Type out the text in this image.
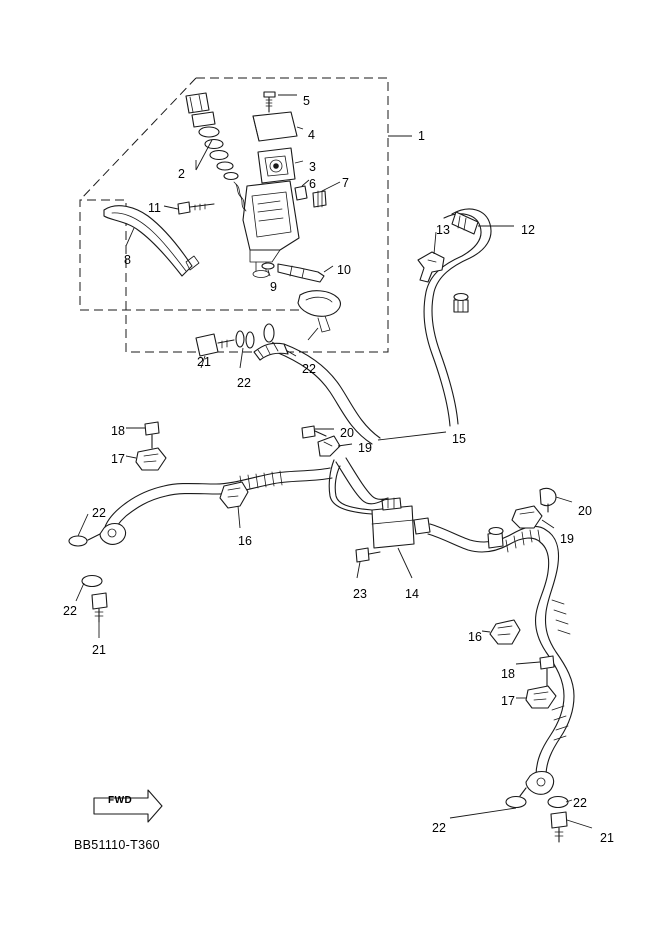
FWD
BB51110-T360
1
2	3
4
5
6 7
8
9
10
11
12
13
14
15
16
16
17
17
18
18
19
19
20
20
21
21
21
22
22
22
22
22
22
23
